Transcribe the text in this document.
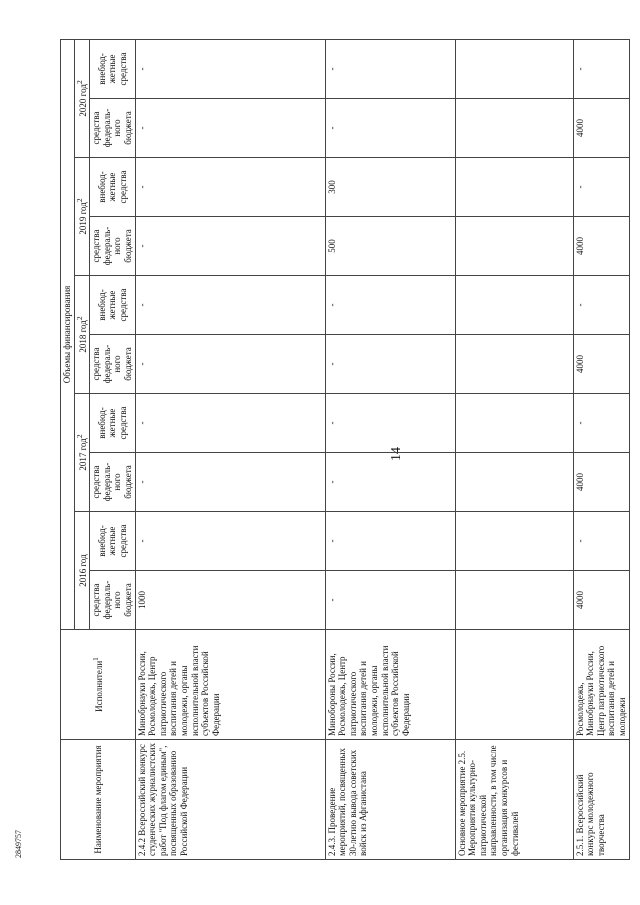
14
2849757	Наименование мероприятия	Исполнители$^1$	Объемы финансирования									
		2016 год		2017 год$^2$		2018 год$^2$		2019 год$^2$		2020 год$^2$
		средства федераль-ного бюджета	внебюд-жетные средства	средства федераль-ного бюджета	внебюд-жетные средства	средства федераль-ного бюджета	внебюд-жетные средства	средства федераль-ного бюджета	внебюд-жетные средства	средства федераль-ного бюджета	внебюд-жетные средства
2.4.2 Всероссийский конкурс студенческих журналистских работ "Под флагом единым", посвященных образованию Российской Федерации	Минобрнауки России, Росмолодежь, Центр патриотического воспитания детей и молодежи, органы исполнительной власти субъектов Российской Федерации	1000	-	-	-	-	-	-	-	-	-
2.4.3. Проведение мероприятий, посвященных 30-летию вывода советских войск из Афганистана	Минобороны России, Росмолодежь, Центр патриотического воспитания детей и молодежи, органы исполнительной власти субъектов Российской Федерации	-	-	-	-	-	-	500	300	-	-
Основное мероприятие 2.5. Мероприятия культурно-патриотической направленности, в том числе организация конкурсов и фестивалей											
2.5.1. Всероссийский конкурс молодежного творчества	Росмолодежь, Минобрнауки России, Центр патриотического воспитания детей и молодежи	4000	-	4000	-	4000	-	4000	-	4000	-
